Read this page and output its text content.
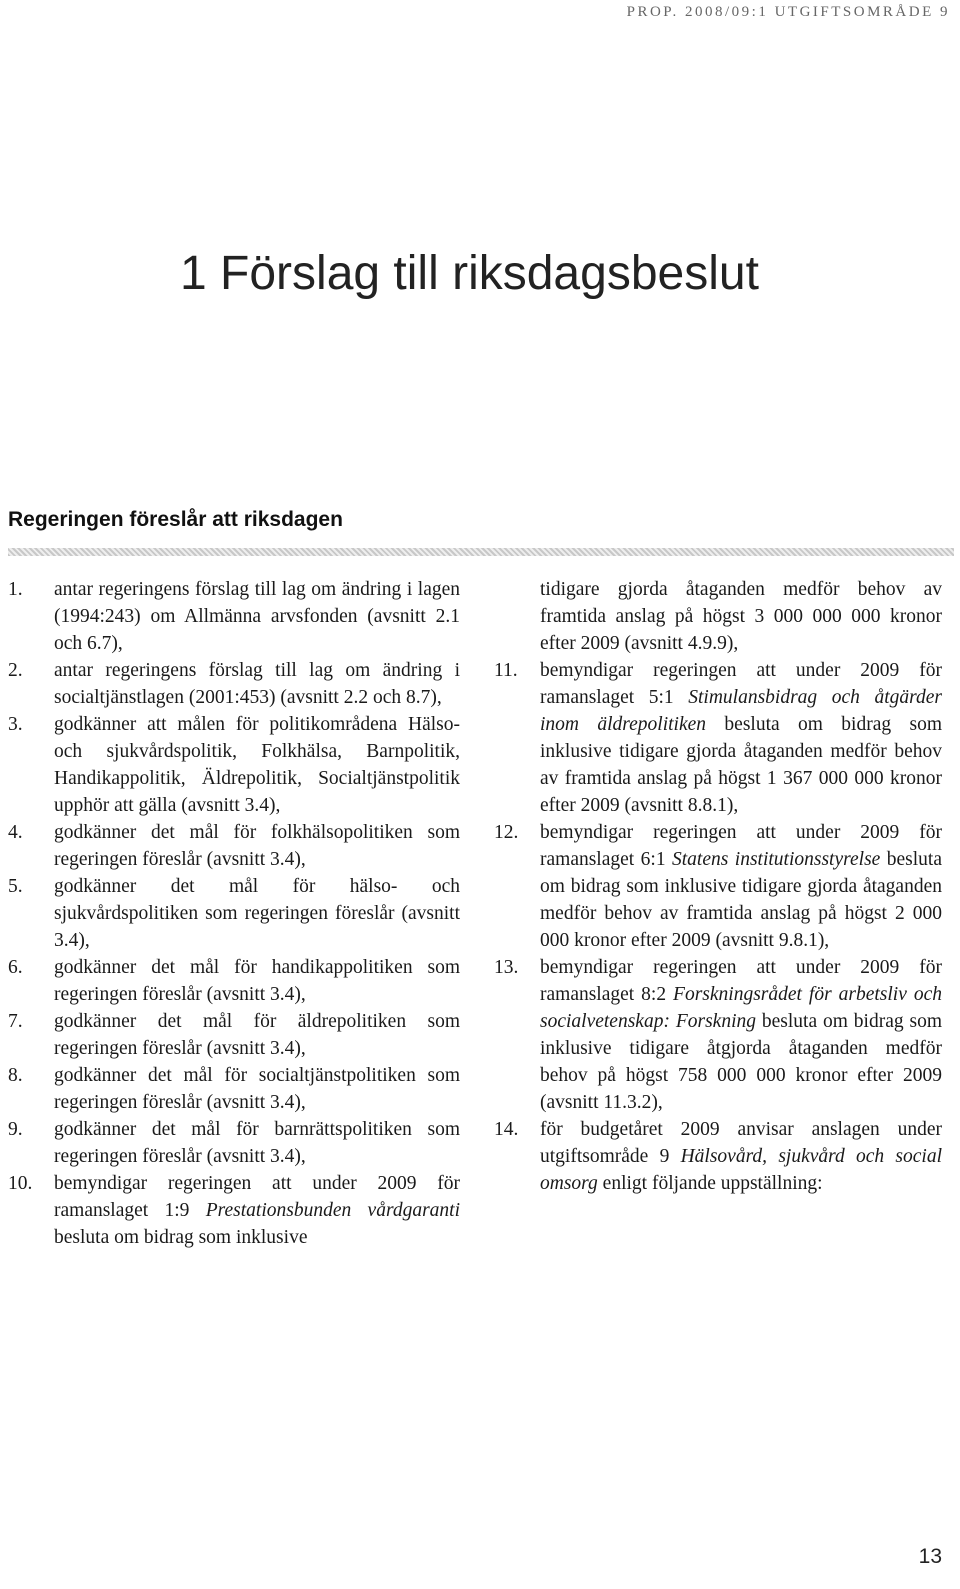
PROP. 2008/09:1 UTGIFTSOMRÅDE 9
1 Förslag till riksdagsbeslut
Regeringen föreslår att riksdagen
1. antar regeringens förslag till lag om ändring i lagen (1994:243) om Allmänna arvsfonden (avsnitt 2.1 och 6.7),
2. antar regeringens förslag till lag om ändring i socialtjänstlagen (2001:453) (avsnitt 2.2 och 8.7),
3. godkänner att målen för politikområdena Hälso- och sjukvårdspolitik, Folkhälsa, Barnpolitik, Handikappolitik, Äldrepolitik, Socialtjänstpolitik upphör att gälla (avsnitt 3.4),
4. godkänner det mål för folkhälsopolitiken som regeringen föreslår (avsnitt 3.4),
5. godkänner det mål för hälso- och sjukvårdspolitiken som regeringen föreslår (avsnitt 3.4),
6. godkänner det mål för handikappolitiken som regeringen föreslår (avsnitt 3.4),
7. godkänner det mål för äldrepolitiken som regeringen föreslår (avsnitt 3.4),
8. godkänner det mål för socialtjänstpolitiken som regeringen föreslår (avsnitt 3.4),
9. godkänner det mål för barnrättspolitiken som regeringen föreslår (avsnitt 3.4),
10. bemyndigar regeringen att under 2009 för ramanslaget 1:9 Prestationsbunden vårdgaranti besluta om bidrag som inklusive
tidigare gjorda åtaganden medför behov av framtida anslag på högst 3 000 000 000 kronor efter 2009 (avsnitt 4.9.9),
11. bemyndigar regeringen att under 2009 för ramanslaget 5:1 Stimulansbidrag och åtgärder inom äldrepolitiken besluta om bidrag som inklusive tidigare gjorda åtaganden medför behov av framtida anslag på högst 1 367 000 000 kronor efter 2009 (avsnitt 8.8.1),
12. bemyndigar regeringen att under 2009 för ramanslaget 6:1 Statens institutionsstyrelse besluta om bidrag som inklusive tidigare gjorda åtaganden medför behov av framtida anslag på högst 2 000 000 kronor efter 2009 (avsnitt 9.8.1),
13. bemyndigar regeringen att under 2009 för ramanslaget 8:2 Forskningsrådet för arbetsliv och socialvetenskap: Forskning besluta om bidrag som inklusive tidigare åtgjorda åtaganden medför behov på högst 758 000 000 kronor efter 2009 (avsnitt 11.3.2),
14. för budgetåret 2009 anvisar anslagen under utgiftsområde 9 Hälsovård, sjukvård och social omsorg enligt följande uppställning:
13
